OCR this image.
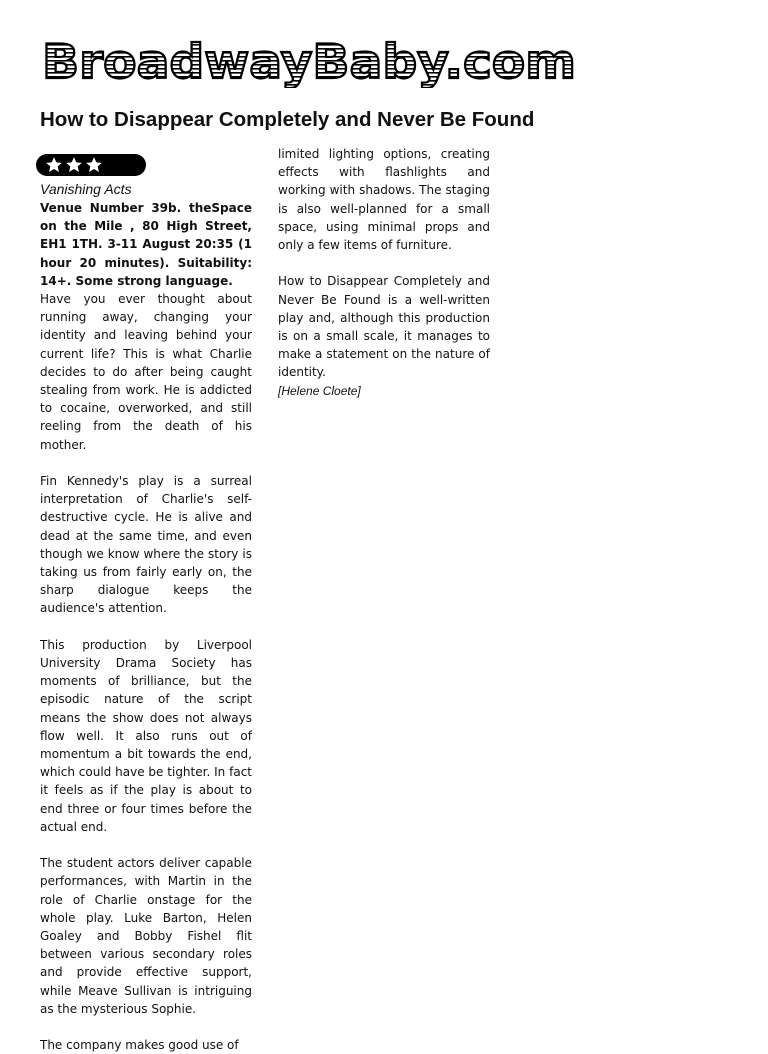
BroadwayBaby.com
How to Disappear Completely and Never Be Found
Vanishing Acts
Venue Number 39b. theSpace on the Mile , 80 High Street, EH1 1TH. 3-11 August 20:35 (1 hour 20 minutes). Suitability: 14+. Some strong language.

Have you ever thought about running away, changing your identity and leaving behind your current life? This is what Charlie decides to do after being caught stealing from work. He is addicted to cocaine, overworked, and still reeling from the death of his mother.

Fin Kennedy's play is a surreal interpretation of Charlie's self-destructive cycle. He is alive and dead at the same time, and even though we know where the story is taking us from fairly early on, the sharp dialogue keeps the audience's attention.

This production by Liverpool University Drama Society has moments of brilliance, but the episodic nature of the script means the show does not always flow well. It also runs out of momentum a bit towards the end, which could have be tighter. In fact it feels as if the play is about to end three or four times before the actual end.

The student actors deliver capable performances, with Martin in the role of Charlie onstage for the whole play. Luke Barton, Helen Goaley and Bobby Fishel flit between various secondary roles and provide effective support, while Meave Sullivan is intriguing as the mysterious Sophie.

The company makes good use of

limited lighting options, creating effects with flashlights and working with shadows. The staging is also well-planned for a small space, using minimal props and only a few items of furniture.

How to Disappear Completely and Never Be Found is a well-written play and, although this production is on a small scale, it manages to make a statement on the nature of identity.

[Helene Cloete]
